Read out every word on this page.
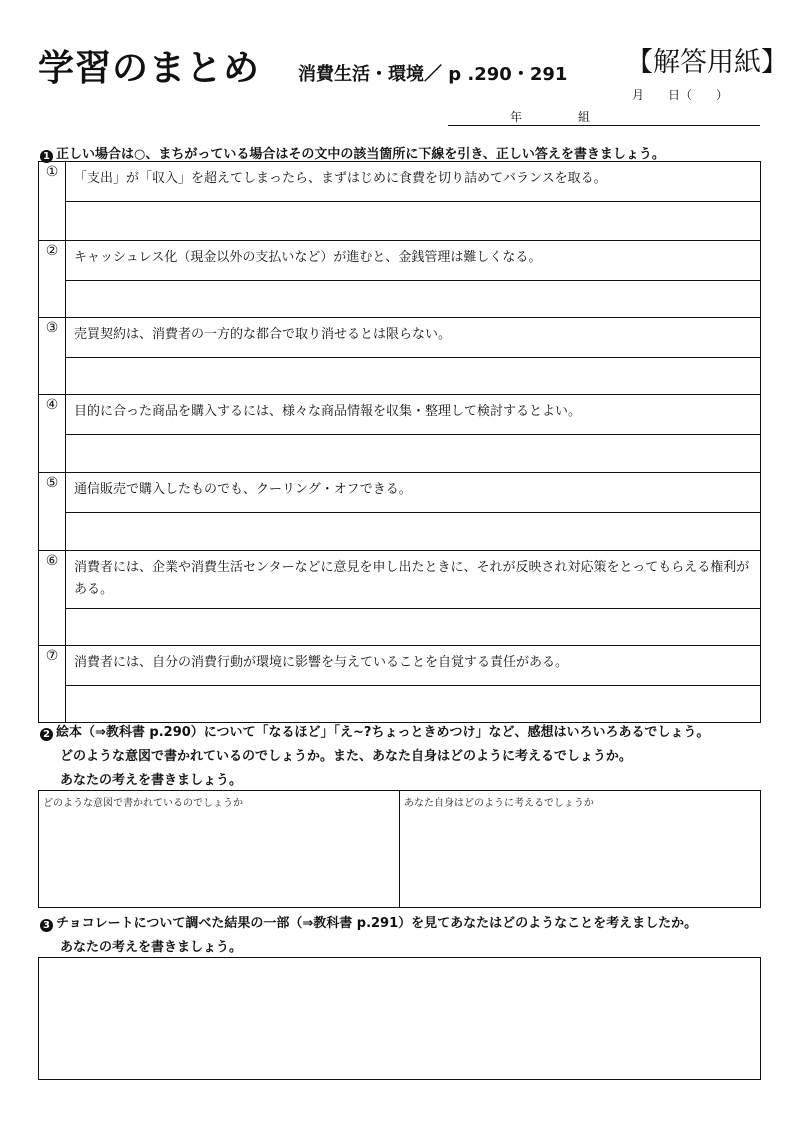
学習のまとめ 消費生活・環境／ p .290・291 【解答用紙】
月　　日（　　）
年	組
1 正しい場合は○、まちがっている場合はその文中の該当箇所に下線を引き、正しい答えを書きましょう。
①	「支出」が「収入」を超えてしまったら、まずはじめに食費を切り詰めてバランスを取る。
②	キャッシュレス化（現金以外の支払いなど）が進むと、金銭管理は難しくなる。
③	売買契約は、消費者の一方的な都合で取り消せるとは限らない。
④	目的に合った商品を購入するには、様々な商品情報を収集・整理して検討するとよい。
⑤	通信販売で購入したものでも、クーリング・オフできる。
⑥	消費者には、企業や消費生活センターなどに意見を申し出たときに、それが反映され対応策をとってもらえる権利がある。
⑦	消費者には、自分の消費行動が環境に影響を与えていることを自覚する責任がある。
2 絵本（⇒教科書 p.290）について「なるほど」「え~?ちょっときめつけ」など、感想はいろいろあるでしょう。
どのような意図で書かれているのでしょうか。また、あなた自身はどのように考えるでしょうか。
あなたの考えを書きましょう。
どのような意図で書かれているのでしょうか	あなた自身はどのように考えるでしょうか
3 チョコレートについて調べた結果の一部（⇒教科書 p.291）を見てあなたはどのようなことを考えましたか。
あなたの考えを書きましょう。
